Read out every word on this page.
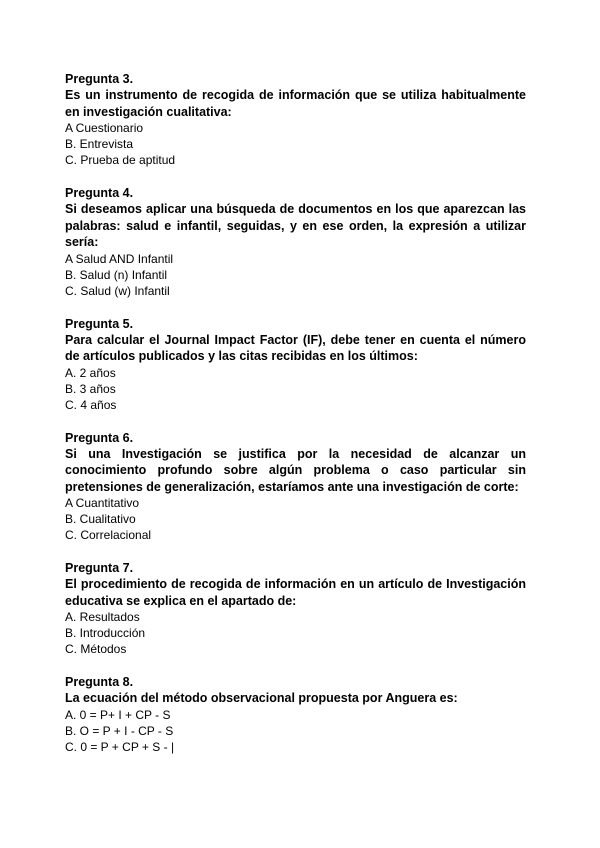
Pregunta 3.

Es un instrumento de recogida de información que se utiliza habitualmente en investigación cualitativa:

A Cuestionario
B. Entrevista
C. Prueba de aptitud

Pregunta 4.

Si deseamos aplicar una búsqueda de documentos en los que aparezcan las palabras: salud e infantil, seguidas, y en ese orden, la expresión a utilizar sería:

A Salud AND Infantil
B. Salud (n) Infantil
C. Salud (w) Infantil

Pregunta 5.

Para calcular el Journal Impact Factor (IF), debe tener en cuenta el número de artículos publicados y las citas recibidas en los últimos:

A. 2 años
B. 3 años
C. 4 años

Pregunta 6.

Si una Investigación se justifica por la necesidad de alcanzar un conocimiento profundo sobre algún problema o caso particular sin pretensiones de generalización, estaríamos ante una investigación de corte:

A Cuantitativo
B. Cualitativo
C. Correlacional

Pregunta 7.

El procedimiento de recogida de información en un artículo de Investigación educativa se explica en el apartado de:

A. Resultados
B. Introducción
C. Métodos

Pregunta 8.

La ecuación del método observacional propuesta por Anguera es:

A. 0 = P+ I + CP - S
B. O = P + I - CP - S
C. 0 = P + CP + S - |
